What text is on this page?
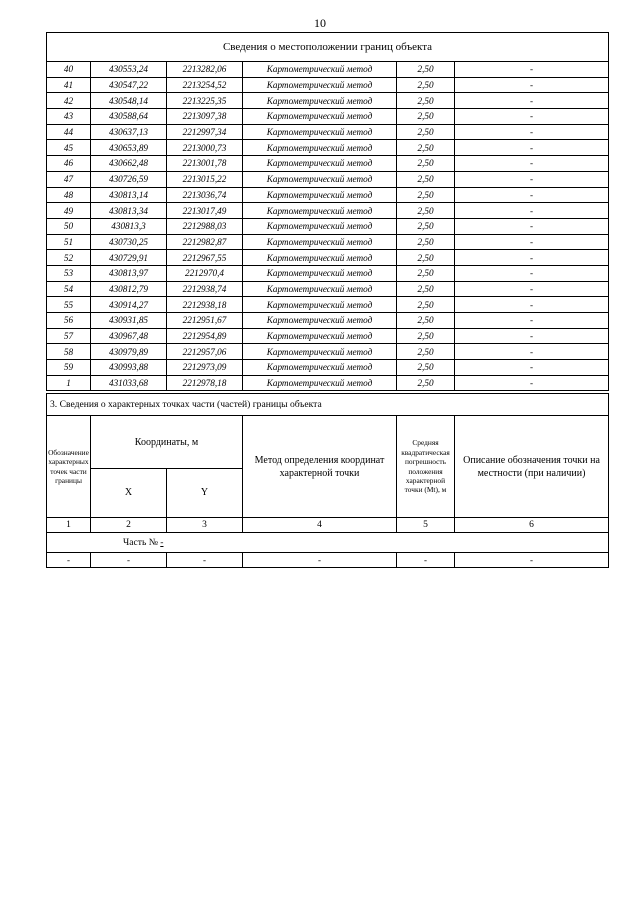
10
Сведения о местоположении границ объекта					
40	430553,24	2213282,06	Картометрический метод	2,50	-
41	430547,22	2213254,52	Картометрический метод	2,50	-
42	430548,14	2213225,35	Картометрический метод	2,50	-
43	430588,64	2213097,38	Картометрический метод	2,50	-
44	430637,13	2212997,34	Картометрический метод	2,50	-
45	430653,89	2213000,73	Картометрический метод	2,50	-
46	430662,48	2213001,78	Картометрический метод	2,50	-
47	430726,59	2213015,22	Картометрический метод	2,50	-
48	430813,14	2213036,74	Картометрический метод	2,50	-
49	430813,34	2213017,49	Картометрический метод	2,50	-
50	430813,3	2212988,03	Картометрический метод	2,50	-
51	430730,25	2212982,87	Картометрический метод	2,50	-
52	430729,91	2212967,55	Картометрический метод	2,50	-
53	430813,97	2212970,4	Картометрический метод	2,50	-
54	430812,79	2212938,74	Картометрический метод	2,50	-
55	430914,27	2212938,18	Картометрический метод	2,50	-
56	430931,85	2212951,67	Картометрический метод	2,50	-
57	430967,48	2212954,89	Картометрический метод	2,50	-
58	430979,89	2212957,06	Картометрический метод	2,50	-
59	430993,88	2212973,09	Картометрический метод	2,50	-
1	431033,68	2212978,18	Картометрический метод	2,50	-
3. Сведения о характерных точках части (частей) границы объекта					
Обозначение характерных точек части границы	Координаты, м		Метод определения координат характерной точки	Средняя квадратическая погрешность положения характерной точки (Mt), м	Описание обозначения точки на местности (при наличии)
	X	Y			
1	2	3	4	5	6
Часть № -					
-	-	-	-	-	-
